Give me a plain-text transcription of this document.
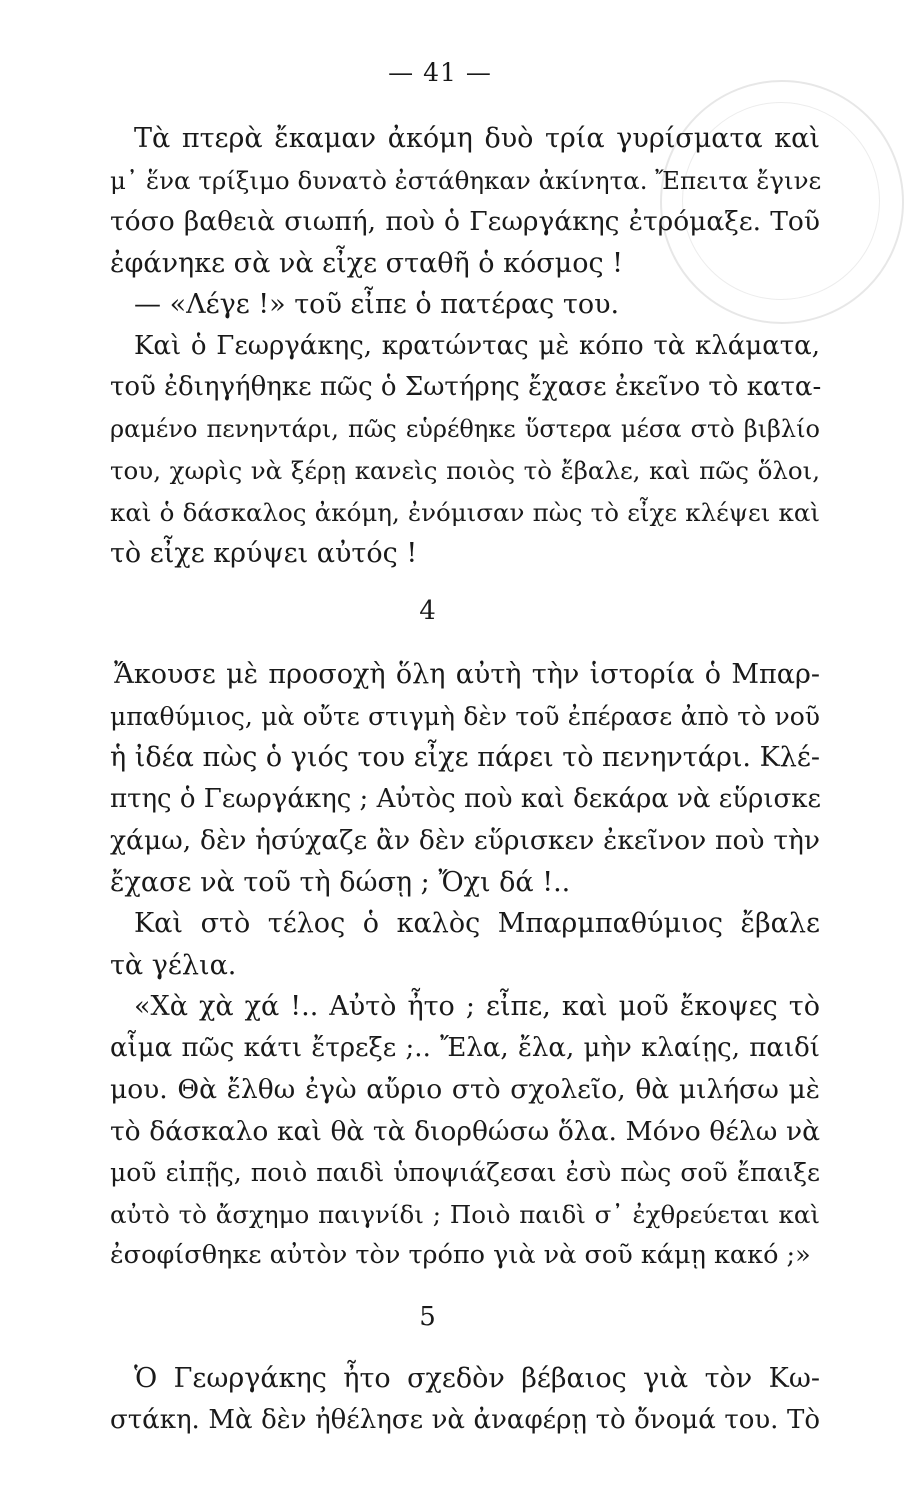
— 41 —
Τὰ πτερὰ ἔκαμαν ἀκόμη δυὸ τρία γυρίσματα καὶ
μ᾽ ἕνα τρίξιμο δυνατὸ ἐστάθηκαν ἀκίνητα. Ἔπειτα ἔγινε
τόσο βαθειὰ σιωπή, ποὺ ὁ Γεωργάκης ἐτρόμαξε. Τοῦ
ἐφάνηκε σὰ νὰ εἶχε σταθῆ ὁ κόσμος !
— «Λέγε !» τοῦ εἶπε ὁ πατέρας του.
Καὶ ὁ Γεωργάκης, κρατώντας μὲ κόπο τὰ κλάματα,
τοῦ ἐδιηγήθηκε πῶς ὁ Σωτήρης ἔχασε ἐκεῖνο τὸ κατα-
ραμένο πενηντάρι, πῶς εὑρέθηκε ὕστερα μέσα στὸ βιβλίο
του, χωρὶς νὰ ξέρῃ κανεὶς ποιὸς τὸ ἔβαλε, καὶ πῶς ὅλοι,
καὶ ὁ δάσκαλος ἀκόμη, ἐνόμισαν πὼς τὸ εἶχε κλέψει καὶ
τὸ εἶχε κρύψει αὐτός !
4
Ἄκουσε μὲ προσοχὴ ὅλη αὐτὴ τὴν ἱστορία ὁ Μπαρ-
μπαθύμιος, μὰ οὔτε στιγμὴ δὲν τοῦ ἐπέρασε ἀπὸ τὸ νοῦ
ἡ ἰδέα πὼς ὁ γιός του εἶχε πάρει τὸ πενηντάρι. Κλέ-
πτης ὁ Γεωργάκης ; Αὐτὸς ποὺ καὶ δεκάρα νὰ εὕρισκε
χάμω, δὲν ἡσύχαζε ἂν δὲν εὕρισκεν ἐκεῖνον ποὺ τὴν
ἔχασε νὰ τοῦ τὴ δώσῃ ; Ὄχι δά !..
Καὶ στὸ τέλος ὁ καλὸς Μπαρμπαθύμιος ἔβαλε
τὰ γέλια.
«Χὰ χὰ χά !.. Αὐτὸ ἦτο ; εἶπε, καὶ μοῦ ἔκοψες τὸ
αἷμα πῶς κάτι ἔτρεξε ;.. Ἔλα, ἔλα, μὴν κλαίῃς, παιδί
μου. Θὰ ἔλθω ἐγὼ αὔριο στὸ σχολεῖο, θὰ μιλήσω μὲ
τὸ δάσκαλο καὶ θὰ τὰ διορθώσω ὅλα. Μόνο θέλω νὰ
μοῦ εἰπῇς, ποιὸ παιδὶ ὑποψιάζεσαι ἐσὺ πὼς σοῦ ἔπαιξε
αὐτὸ τὸ ἄσχημο παιγνίδι ; Ποιὸ παιδὶ σ᾽ ἐχθρεύεται καὶ
ἐσοφίσθηκε αὐτὸν τὸν τρόπο γιὰ νὰ σοῦ κάμῃ κακό ;»
5
Ὁ Γεωργάκης ἦτο σχεδὸν βέβαιος γιὰ τὸν Κω-
στάκη. Μὰ δὲν ἠθέλησε νὰ ἀναφέρῃ τὸ ὄνομά του. Τὸ
